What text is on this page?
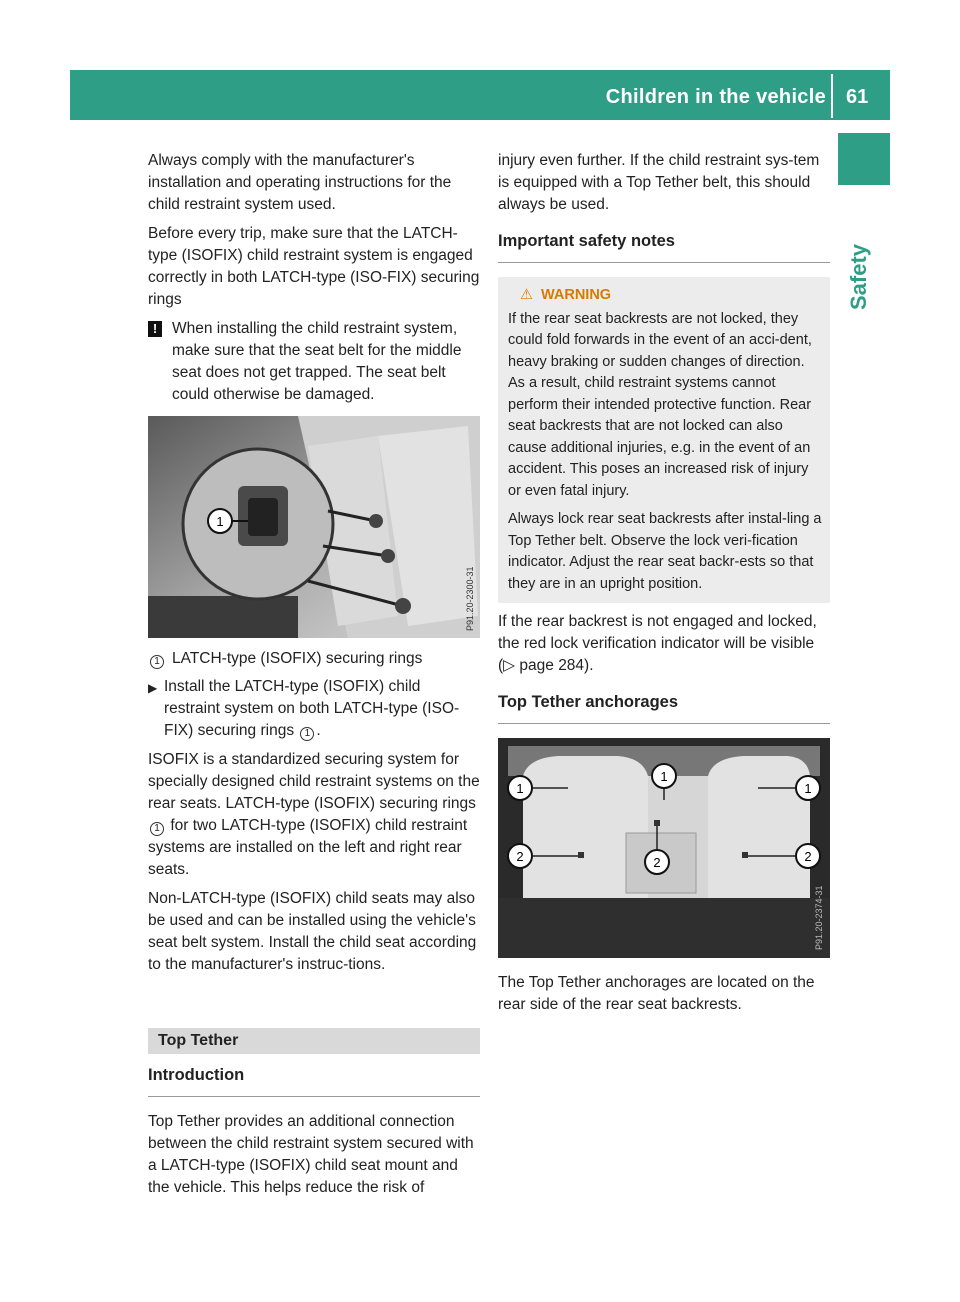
Children in the vehicle 61
Safety

Always comply with the manufacturer's installation and operating instructions for the child restraint system used.

Before every trip, make sure that the LATCH-type (ISOFIX) child restraint system is engaged correctly in both LATCH-type (ISO-FIX) securing rings

! When installing the child restraint system, make sure that the seat belt for the middle seat does not get trapped. The seat belt could otherwise be damaged.
1
P91.20-2300-31
1 LATCH-type (ISOFIX) securing rings
▶ Install the LATCH-type (ISOFIX) child restraint system on both LATCH-type (ISO-FIX) securing rings 1 .

ISOFIX is a standardized securing system for specially designed child restraint systems on the rear seats. LATCH-type (ISOFIX) securing rings 1 for two LATCH-type (ISOFIX) child restraint systems are installed on the left and right rear seats.

Non-LATCH-type (ISOFIX) child seats may also be used and can be installed using the vehicle's seat belt system. Install the child seat according to the manufacturer's instruc-tions.

Top Tether
Introduction

Top Tether provides an additional connection between the child restraint system secured with a LATCH-type (ISOFIX) child seat mount and the vehicle. This helps reduce the risk of

injury even further. If the child restraint sys-tem is equipped with a Top Tether belt, this should always be used.

Important safety notes
⚠ WARNING

If the rear seat backrests are not locked, they could fold forwards in the event of an acci-dent, heavy braking or sudden changes of direction. As a result, child restraint systems cannot perform their intended protective function. Rear seat backrests that are not locked can also cause additional injuries, e.g. in the event of an accident. This poses an increased risk of injury or even fatal injury.

Always lock rear seat backrests after instal-ling a Top Tether belt. Observe the lock veri-fication indicator. Adjust the rear seat backr-ests so that they are in an upright position.

If the rear backrest is not engaged and locked, the red lock verification indicator will be visible (▷ page 284).

Top Tether anchorages
1
1
1
2	2	2
P91.20-2374-31

The Top Tether anchorages are located on the rear side of the rear seat backrests.
